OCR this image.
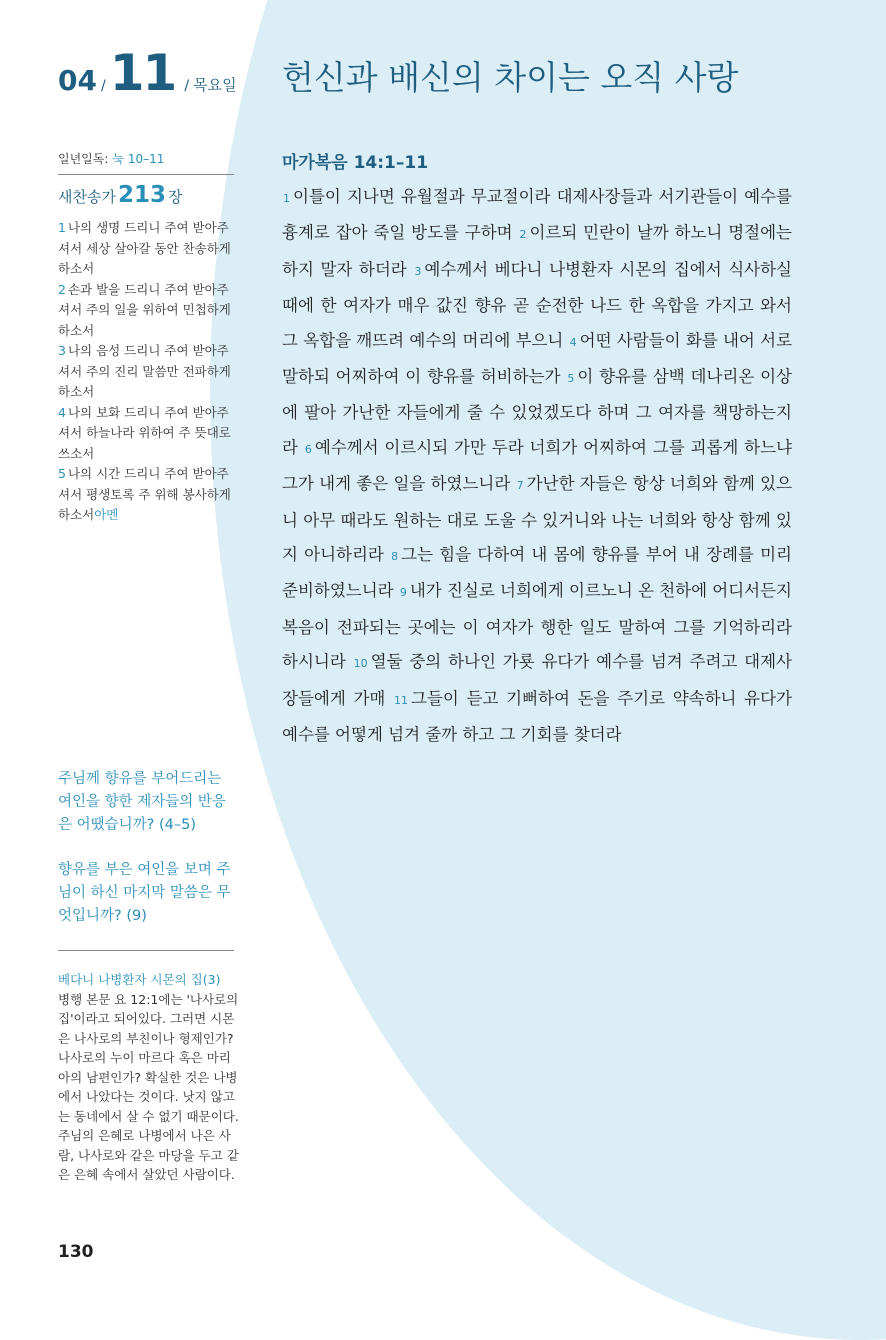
04 /11 / 목요일 헌신과 배신의 차이는 오직 사랑
일년일독: 눅 10–11
새찬송가213 장

1 나의 생명 드리니 주여 받아주셔서 세상 살아갈 동안 찬송하게 하소서

2 손과 발을 드리니 주여 받아주셔서 주의 일을 위하여 민첩하게 하소서

3 나의 음성 드리니 주여 받아주셔서 주의 진리 말씀만 전파하게 하소서

4 나의 보화 드리니 주여 받아주셔서 하늘나라 위하여 주 뜻대로 쓰소서

5 나의 시간 드리니 주여 받아주셔서 평생토록 주 위해 봉사하게 하소서아멘

주님께 향유를 부어드리는 여인을 향한 제자들의 반응은 어땠습니까? (4–5)

향유를 부은 여인을 보며 주님이 하신 마지막 말씀은 무엇입니까? (9)

베다니 나병환자 시몬의 집(3)
병행 본문 요 12:1에는 '나사로의 집'이라고 되어있다. 그러면 시몬은 나사로의 부친이나 형제인가? 나사로의 누이 마르다 혹은 마리아의 남편인가? 확실한 것은 나병에서 나았다는 것이다. 낫지 않고는 동네에서 살 수 없기 때문이다. 주님의 은혜로 나병에서 나은 사람, 나사로와 같은 마당을 두고 같은 은혜 속에서 살았던 사람이다.
130
마가복음 14:1–11
1 이틀이 지나면 유월절과 무교절이라 대제사장들과 서기관들이 예수를 흉계로 잡아 죽일 방도를 구하며 2 이르되 민란이 날까 하노니 명절에는 하지 말자 하더라 3 예수께서 베다니 나병환자 시몬의 집에서 식사하실 때에 한 여자가 매우 값진 향유 곧 순전한 나드 한 옥합을 가지고 와서 그 옥합을 깨뜨려 예수의 머리에 부으니 4 어떤 사람들이 화를 내어 서로 말하되 어찌하여 이 향유를 허비하는가 5 이 향유를 삼백 데나리온 이상에 팔아 가난한 자들에게 줄 수 있었겠도다 하며 그 여자를 책망하는지라 6 예수께서 이르시되 가만 두라 너희가 어찌하여 그를 괴롭게 하느냐 그가 내게 좋은 일을 하였느니라 7 가난한 자들은 항상 너희와 함께 있으니 아무 때라도 원하는 대로 도울 수 있거니와 나는 너희와 항상 함께 있지 아니하리라 8 그는 힘을 다하여 내 몸에 향유를 부어 내 장례를 미리 준비하였느니라 9 내가 진실로 너희에게 이르노니 온 천하에 어디서든지 복음이 전파되는 곳에는 이 여자가 행한 일도 말하여 그를 기억하리라 하시니라 10 열둘 중의 하나인 가룟 유다가 예수를 넘겨 주려고 대제사장들에게 가매 11 그들이 듣고 기뻐하여 돈을 주기로 약속하니 유다가 예수를 어떻게 넘겨 줄까 하고 그 기회를 찾더라
